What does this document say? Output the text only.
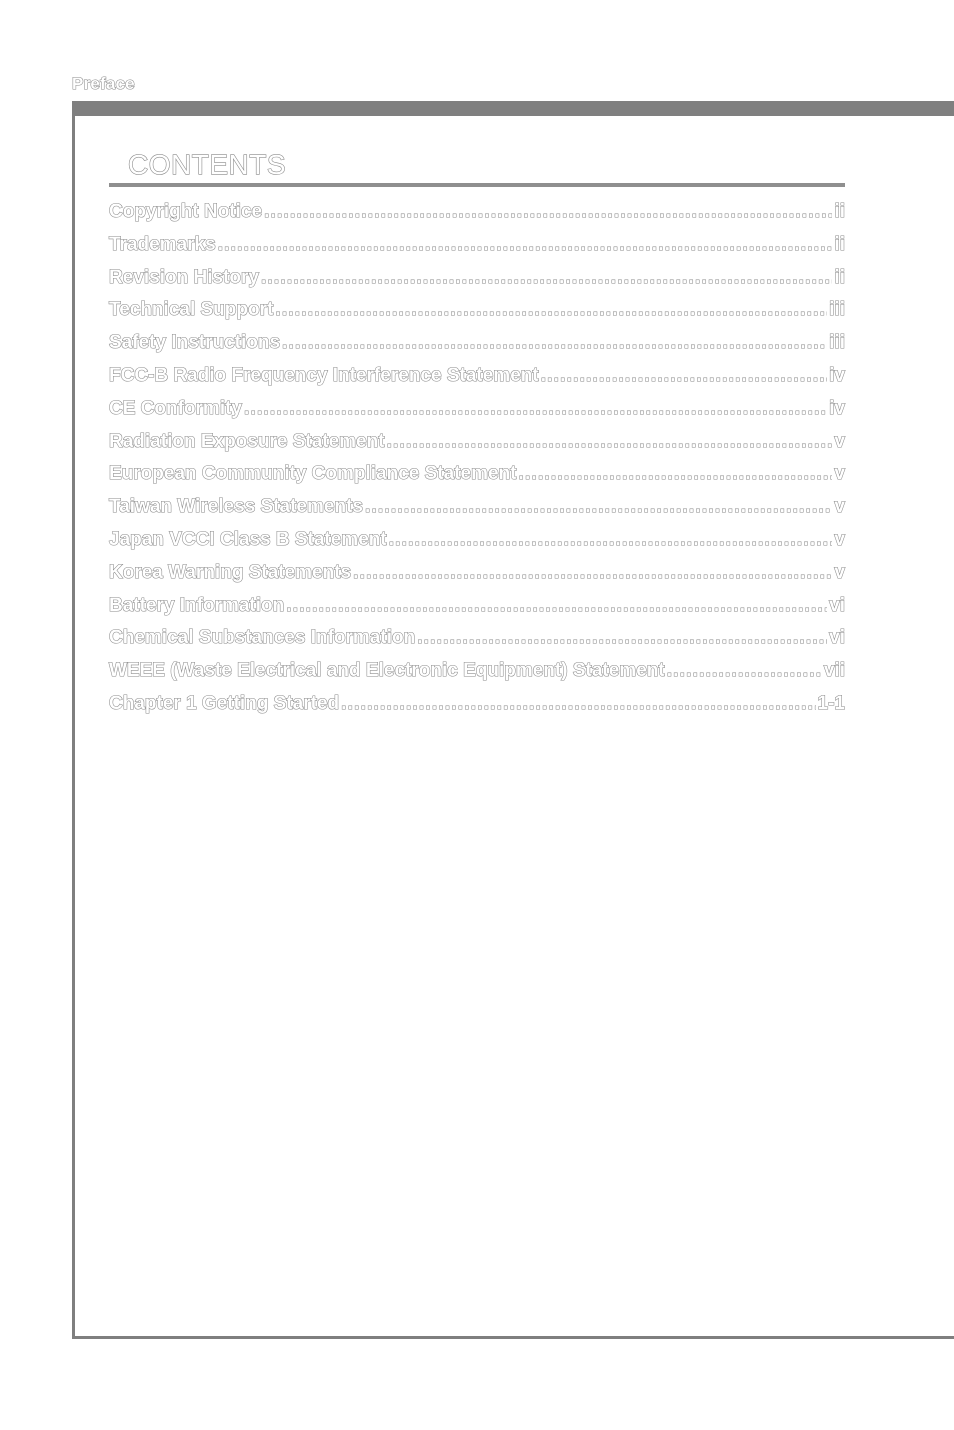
Preface
CONTENTS
Copyright Notice .....	ii
Trademarks .....	ii
Revision History .....	ii
Technical Support .....	iii
Safety Instructions .....	iii
FCC-B Radio Frequency Interference Statement .....	iv
CE Conformity .....	iv
Radiation Exposure Statement .....	v
European Community Compliance Statement .....	v
Taiwan Wireless Statements .....	v
Japan VCCI Class B Statement .....	v
Korea Warning Statements .....	v
Battery Information .....	vi
Chemical Substances Information .....	vi
WEEE (Waste Electrical and Electronic Equipment) Statement .....	vii
Chapter 1 Getting Started .....	1-1
